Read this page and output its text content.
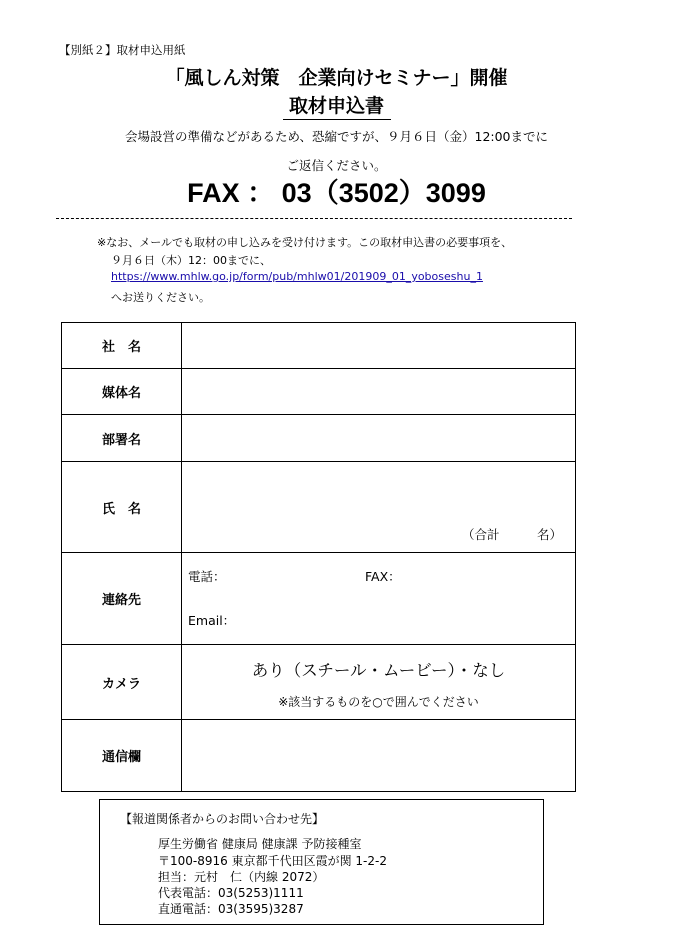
【別紙２】取材申込用紙
「風しん対策　企業向けセミナー」開催
取材申込書
会場設営の準備などがあるため、恐縮ですが、９月６日（金）12:00までに
ご返信ください。
FAX ： 03（3502）3099
※なお、メールでも取材の申し込みを受け付けます。この取材申込書の必要事項を、
９月６日（木）12：00までに、
https://www.mhlw.go.jp/form/pub/mhlw01/201909_01_yoboseshu_1
へお送りください。
社　名	
媒体名	
部署名	
氏　名	（合計　　　名）

連絡先	電話： FAX：
Email：

カメラ	あり（スチール・ムービー）・なし
※該当するものを○で囲んでください

通信欄	
【報道関係者からのお問い合わせ先】
厚生労働省 健康局 健康課 予防接種室
〒100-8916 東京都千代田区霞が関 1-2-2
担当：元村　仁（内線 2072）
代表電話：03(5253)1111
直通電話：03(3595)3287
